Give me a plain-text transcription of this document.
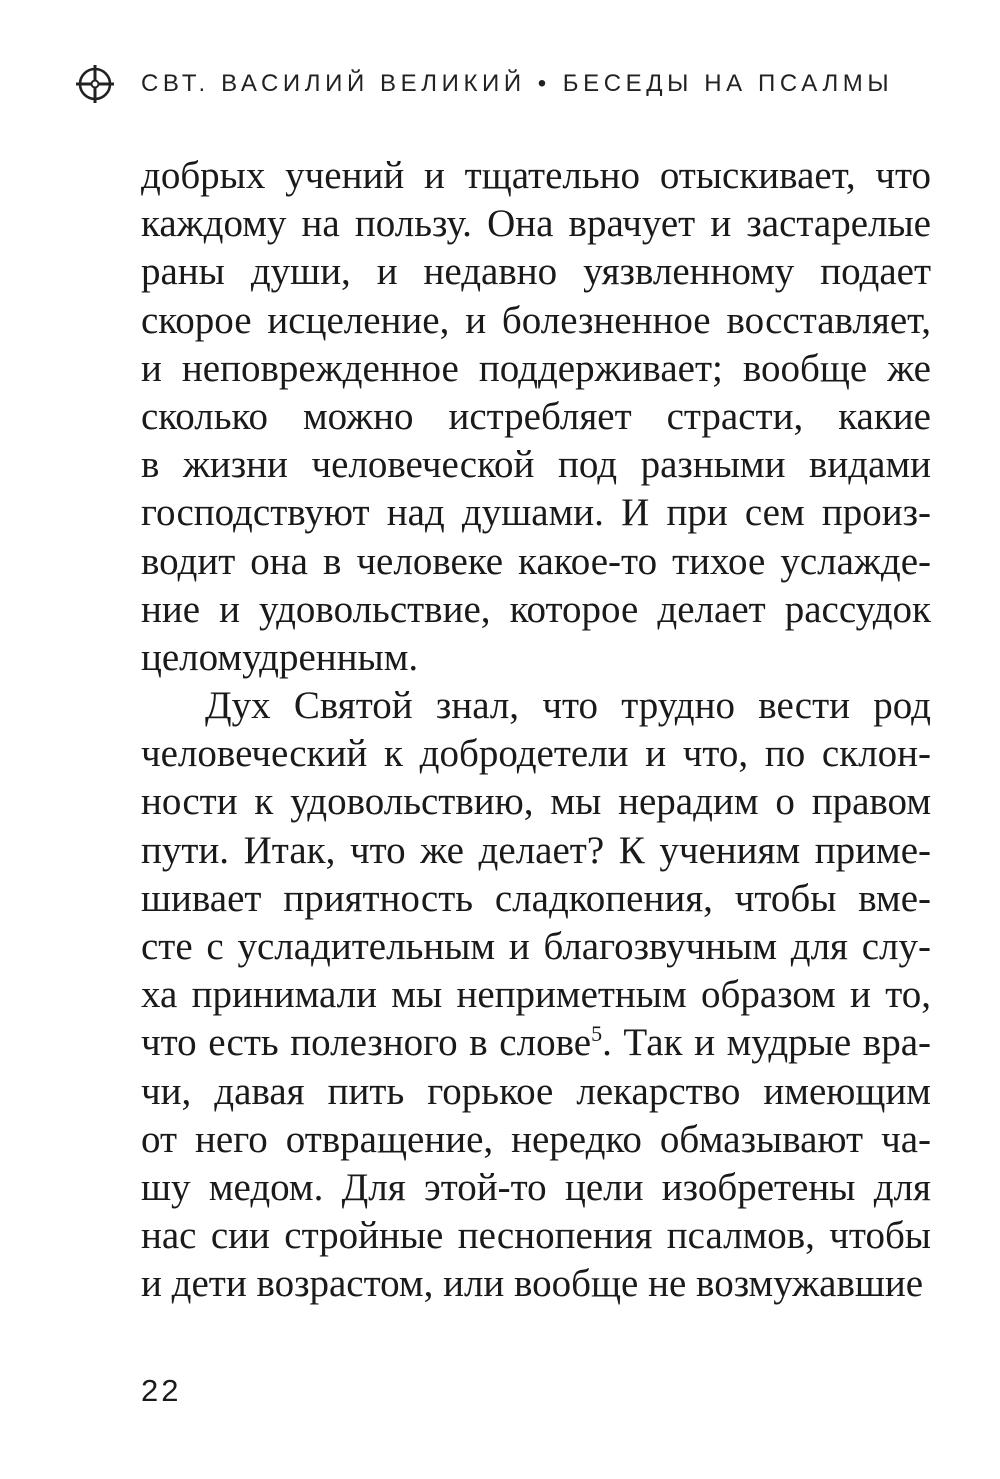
СВТ. ВАСИЛИЙ ВЕЛИКИЙ • БЕСЕДЫ НА ПСАЛМЫ
добрых учений и тщательно отыскивает, что
каждому на пользу. Она врачует и застарелые
раны души, и недавно уязвленному подает
скорое исцеление, и болезненное восставляет,
и неповрежденное поддерживает; вообще же
сколько можно истребляет страсти, какие
в жизни человеческой под разными видами
господствуют над душами. И при сем произ-
водит она в человеке какое-то тихое услажде-
ние и удовольствие, которое делает рассудок
целомудренным.
Дух Святой знал, что трудно вести род
человеческий к добродетели и что, по склон-
ности к удовольствию, мы нерадим о правом
пути. Итак, что же делает? К учениям приме-
шивает приятность сладкопения, чтобы вме-
сте с усладительным и благозвучным для слу-
ха принимали мы неприметным образом и то,
что есть полезного в слове$^5$. Так и мудрые вра-
чи, давая пить горькое лекарство имеющим
от него отвращение, нередко обмазывают ча-
шу медом. Для этой-то цели изобретены для
нас сии стройные песнопения псалмов, чтобы
и дети возрастом, или вообще не возмужавшие
22
